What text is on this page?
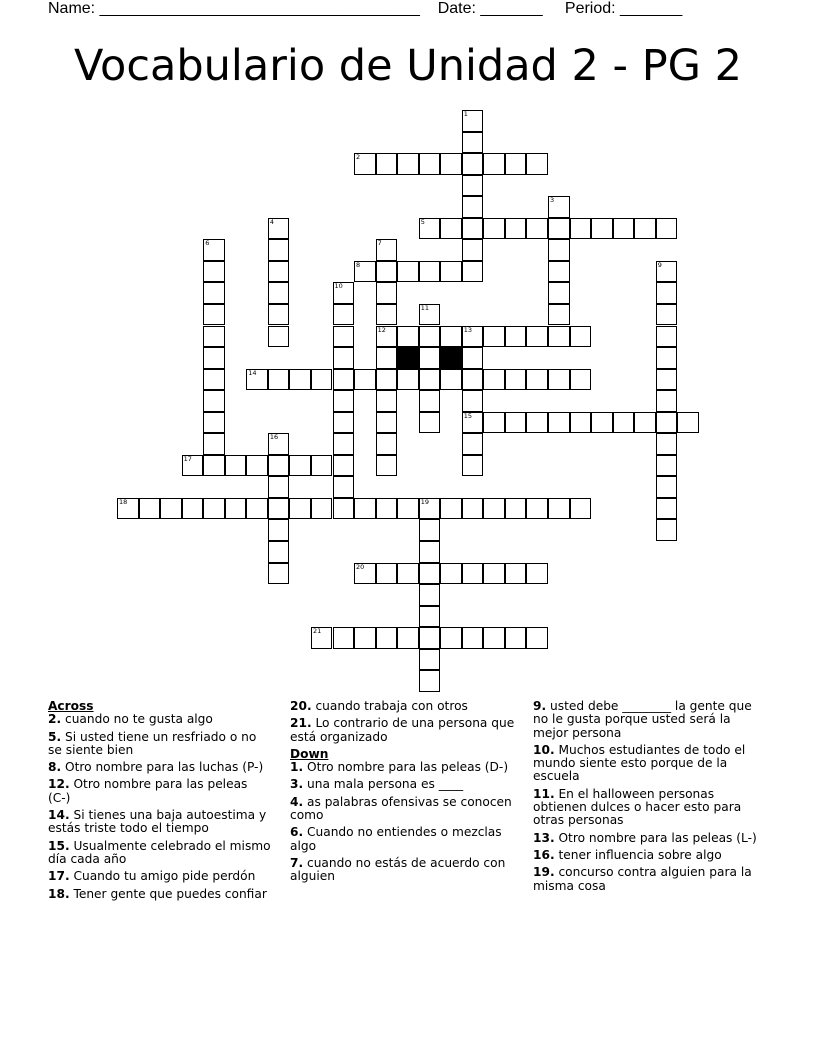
Name: ____________________________________    Date: _______     Period: _______
Vocabulario de Unidad 2 - PG 2
1
2
3
4	5
6	7
12
8	9
10
11
13
15
14
16
17
18	19
20
21
Across
2. cuando no te gusta algo
5. Si usted tiene un resfriado o no se siente bien
8. Otro nombre para las luchas (P-)
12. Otro nombre para las peleas (C-)
14. Si tienes una baja autoestima y estás triste todo el tiempo
15. Usualmente celebrado el mismo día cada año
17. Cuando tu amigo pide perdón
18. Tener gente que puedes confiar
20. cuando trabaja con otros
21. Lo contrario de una persona que está organizado
Down
1. Otro nombre para las peleas (D-)
3. una mala persona es ____
4. as palabras ofensivas se conocen como
6. Cuando no entiendes o mezclas algo
7. cuando no estás de acuerdo con alguien
9. usted debe ________ la gente que no le gusta porque usted será la mejor persona
10. Muchos estudiantes de todo el mundo siente esto porque de la escuela
11. En el halloween personas obtienen dulces o hacer esto para otras personas
13. Otro nombre para las peleas (L-)
16. tener influencia sobre algo
19. concurso contra alguien para la misma cosa
